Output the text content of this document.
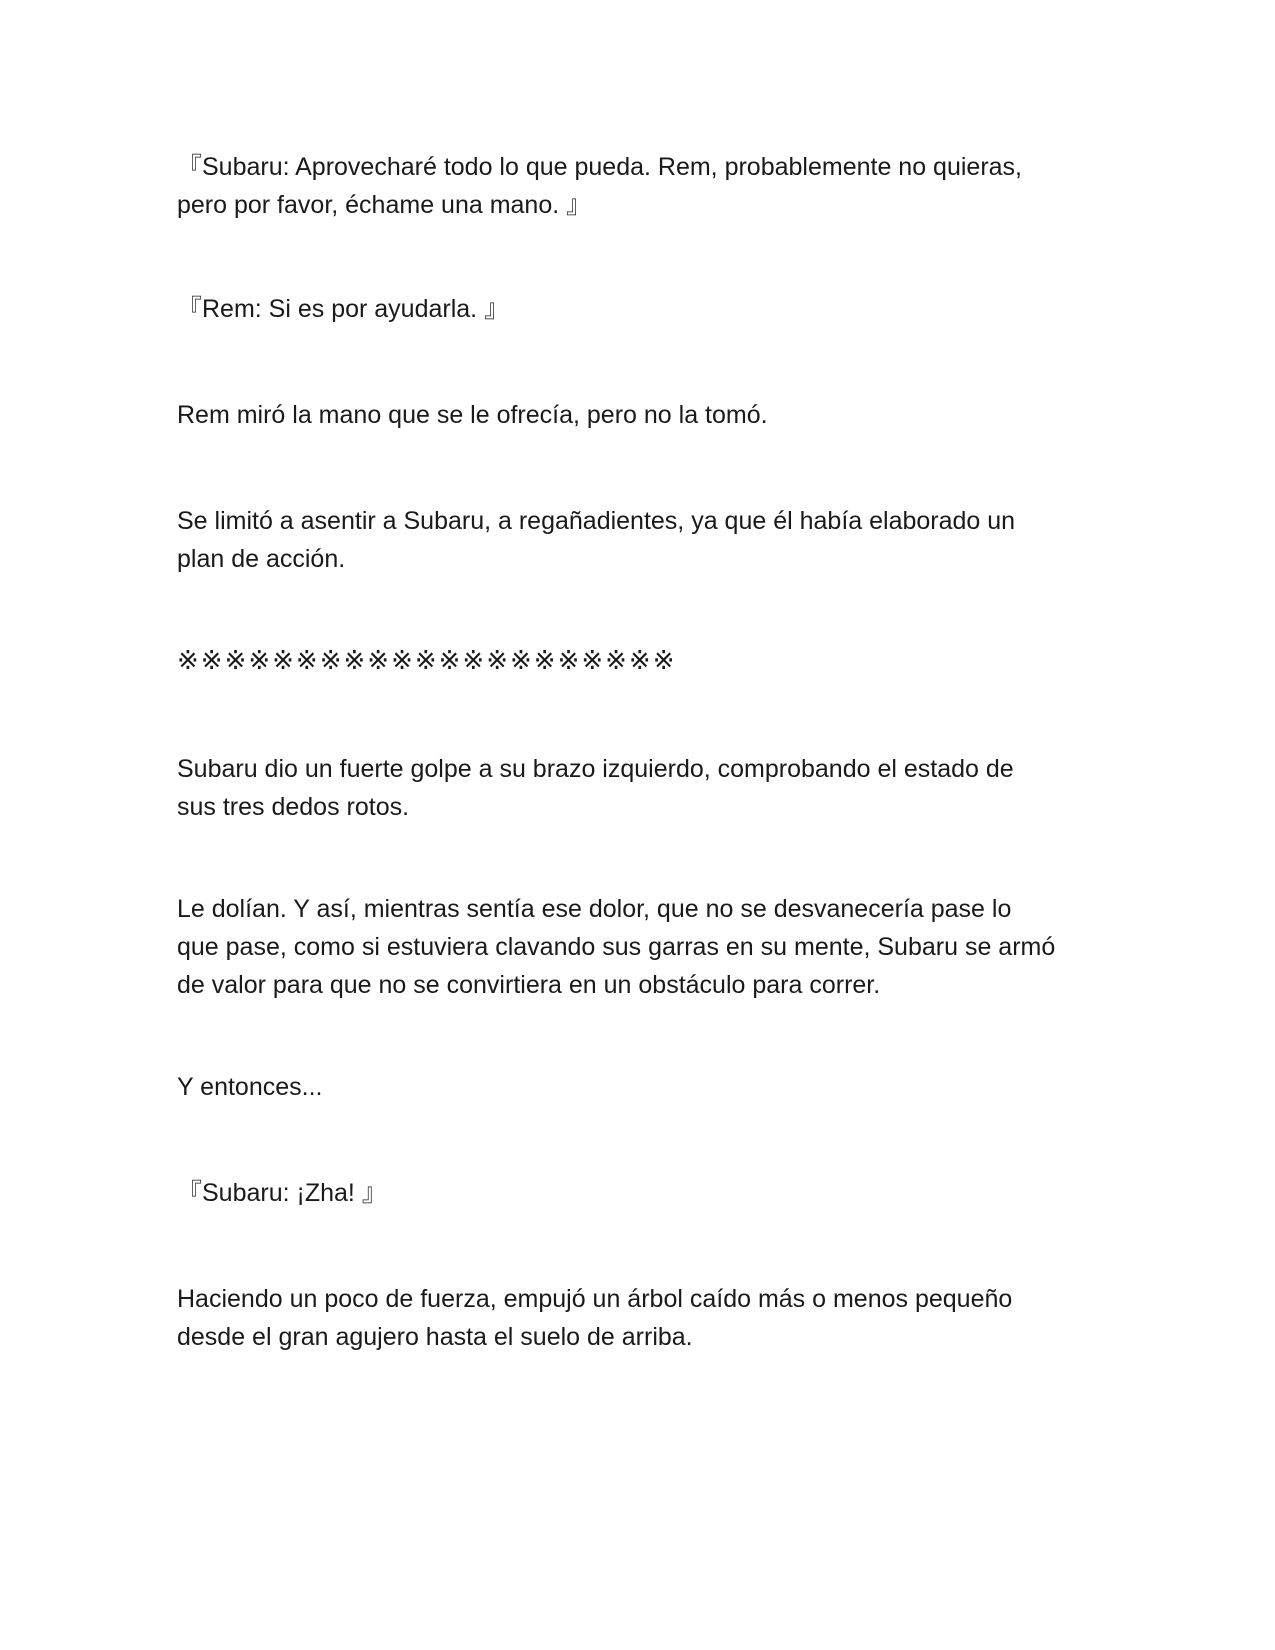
『Subaru: Aprovecharé todo lo que pueda. Rem, probablemente no quieras,
pero por favor, échame una mano. 』

『Rem: Si es por ayudarla. 』

Rem miró la mano que se le ofrecía, pero no la tomó.

Se limitó a asentir a Subaru, a regañadientes, ya que él había elaborado un
plan de acción.

※※※※※※※※※※※※※※※※※※※※※

Subaru dio un fuerte golpe a su brazo izquierdo, comprobando el estado de
sus tres dedos rotos.

Le dolían. Y así, mientras sentía ese dolor, que no se desvanecería pase lo
que pase, como si estuviera clavando sus garras en su mente, Subaru se armó
de valor para que no se convirtiera en un obstáculo para correr.

Y entonces...

『Subaru: ¡Zha! 』

Haciendo un poco de fuerza, empujó un árbol caído más o menos pequeño
desde el gran agujero hasta el suelo de arriba.
